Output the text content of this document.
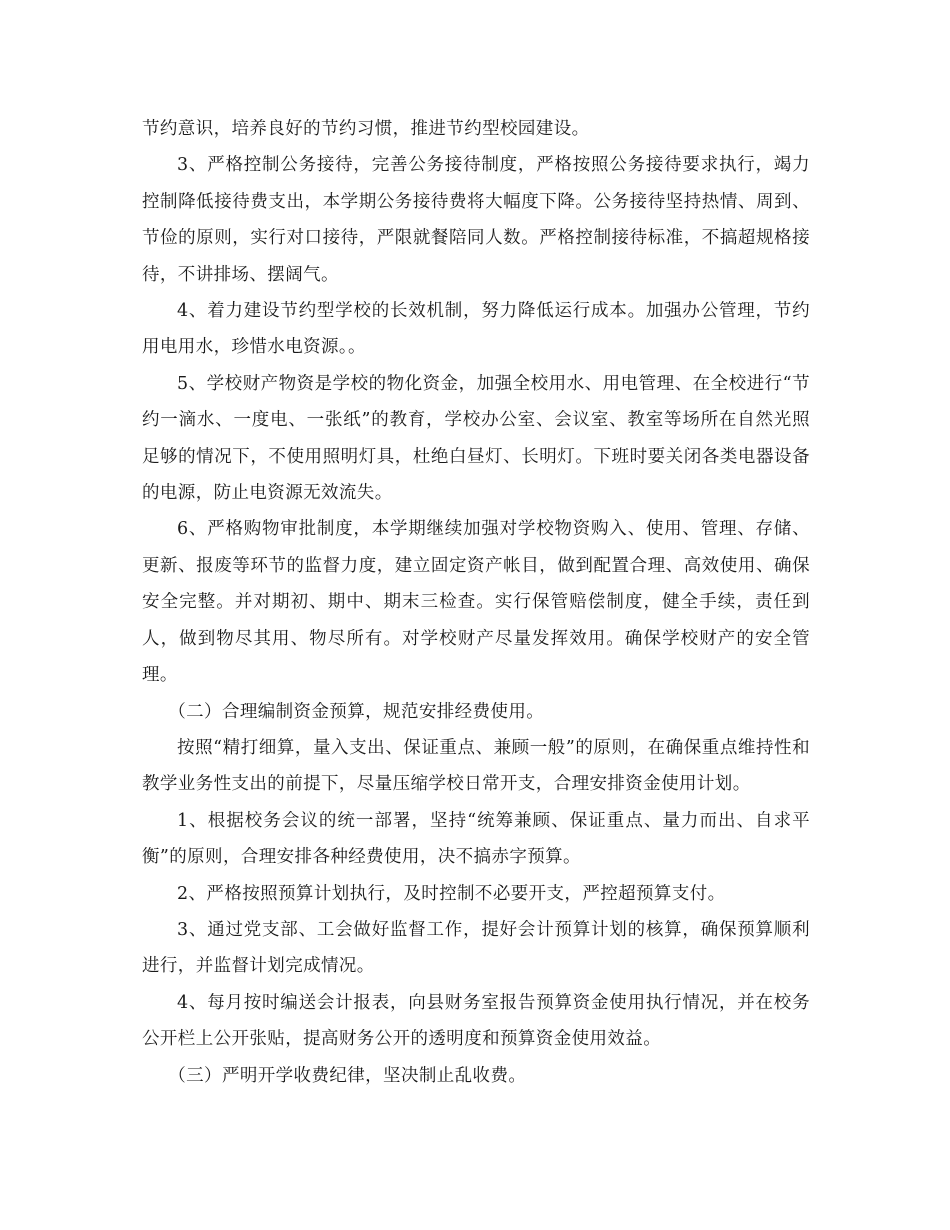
节约意识，培养良好的节约习惯，推进节约型校园建设。

3、严格控制公务接待，完善公务接待制度，严格按照公务接待要求执行，竭力控制降低接待费支出，本学期公务接待费将大幅度下降。公务接待坚持热情、周到、节俭的原则，实行对口接待，严限就餐陪同人数。严格控制接待标准，不搞超规格接待，不讲排场、摆阔气。

4、着力建设节约型学校的长效机制，努力降低运行成本。加强办公管理，节约用电用水，珍惜水电资源。。

5、学校财产物资是学校的物化资金，加强全校用水、用电管理、在全校进行“节约一滴水、一度电、一张纸”的教育，学校办公室、会议室、教室等场所在自然光照足够的情况下，不使用照明灯具，杜绝白昼灯、长明灯。下班时要关闭各类电器设备的电源，防止电资源无效流失。

6、严格购物审批制度，本学期继续加强对学校物资购入、使用、管理、存储、更新、报废等环节的监督力度，建立固定资产帐目，做到配置合理、高效使用、确保安全完整。并对期初、期中、期末三检查。实行保管赔偿制度，健全手续，责任到人，做到物尽其用、物尽所有。对学校财产尽量发挥效用。确保学校财产的安全管理。

（二）合理编制资金预算，规范安排经费使用。

按照“精打细算，量入支出、保证重点、兼顾一般”的原则，在确保重点维持性和教学业务性支出的前提下，尽量压缩学校日常开支，合理安排资金使用计划。

1、根据校务会议的统一部署，坚持“统筹兼顾、保证重点、量力而出、自求平衡”的原则，合理安排各种经费使用，决不搞赤字预算。

2、严格按照预算计划执行，及时控制不必要开支，严控超预算支付。

3、通过党支部、工会做好监督工作，提好会计预算计划的核算，确保预算顺利进行，并监督计划完成情况。

4、每月按时编送会计报表，向县财务室报告预算资金使用执行情况，并在校务公开栏上公开张贴，提高财务公开的透明度和预算资金使用效益。

（三）严明开学收费纪律，坚决制止乱收费。
